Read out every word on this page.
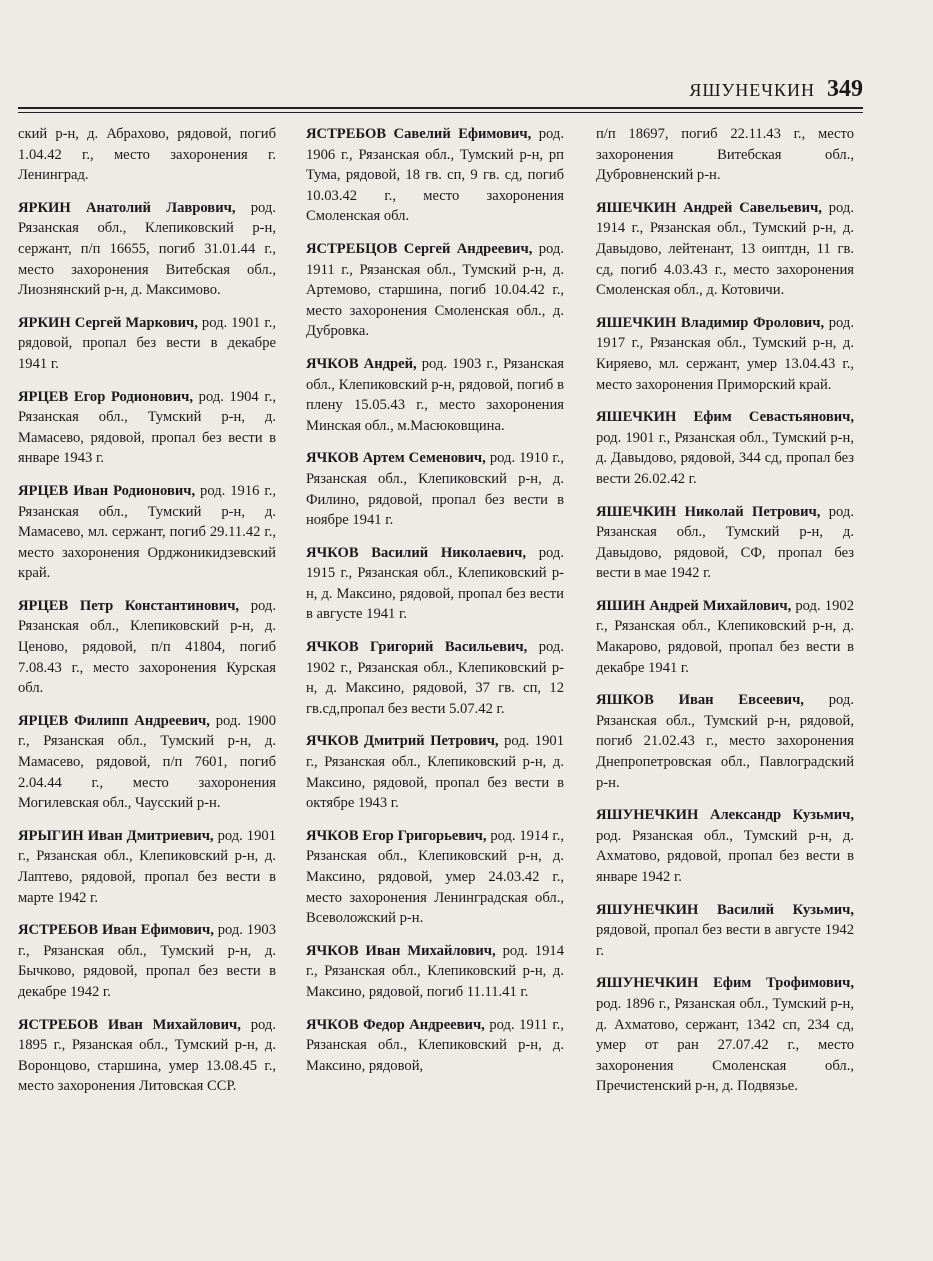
ЯШУНЕЧКИН 349

ский р-н, д. Абрахово, рядовой, погиб 1.04.42 г., место захоронения г. Ленинград.

ЯРКИН Анатолий Лаврович, род. Рязанская обл., Клепиковский р-н, сержант, п/п 16655, погиб 31.01.44 г., место захоронения Витебская обл., Лиознянский р-н, д. Максимово.

ЯРКИН Сергей Маркович, род. 1901 г., рядовой, пропал без вести в декабре 1941 г.

ЯРЦЕВ Егор Родионович, род. 1904 г., Рязанская обл., Тумский р-н, д. Мамасево, рядовой, пропал без вести в январе 1943 г.

ЯРЦЕВ Иван Родионович, род. 1916 г., Рязанская обл., Тумский р-н, д. Мамасево, мл. сержант, погиб 29.11.42 г., место захоронения Орджоникидзевский край.

ЯРЦЕВ Петр Константинович, род. Рязанская обл., Клепиковский р-н, д. Ценово, рядовой, п/п 41804, погиб 7.08.43 г., место захоронения Курская обл.

ЯРЦЕВ Филипп Андреевич, род. 1900 г., Рязанская обл., Тумский р-н, д. Мамасево, рядовой, п/п 7601, погиб 2.04.44 г., место захоронения Могилевская обл., Чаусский р-н.

ЯРЫГИН Иван Дмитриевич, род. 1901 г., Рязанская обл., Клепиковский р-н, д. Лаптево, рядовой, пропал без вести в марте 1942 г.

ЯСТРЕБОВ Иван Ефимович, род. 1903 г., Рязанская обл., Тумский р-н, д. Бычково, рядовой, пропал без вести в декабре 1942 г.

ЯСТРЕБОВ Иван Михайлович, род. 1895 г., Рязанская обл., Тумский р-н, д. Воронцово, старшина, умер 13.08.45 г., место захоронения Литовская ССР.

ЯСТРЕБОВ Савелий Ефимович, род. 1906 г., Рязанская обл., Тумский р-н, рп Тума, рядовой, 18 гв. сп, 9 гв. сд, погиб 10.03.42 г., место захоронения Смоленская обл.

ЯСТРЕБЦОВ Сергей Андреевич, род. 1911 г., Рязанская обл., Тумский р-н, д. Артемово, старшина, погиб 10.04.42 г., место захоронения Смоленская обл., д. Дубровка.

ЯЧКОВ Андрей, род. 1903 г., Рязанская обл., Клепиковский р-н, рядовой, погиб в плену 15.05.43 г., место захоронения Минская обл., м.Масюковщина.

ЯЧКОВ Артем Семенович, род. 1910 г., Рязанская обл., Клепиковский р-н, д. Филино, рядовой, пропал без вести в ноябре 1941 г.

ЯЧКОВ Василий Николаевич, род. 1915 г., Рязанская обл., Клепиковский р-н, д. Максино, рядовой, пропал без вести в августе 1941 г.

ЯЧКОВ Григорий Васильевич, род. 1902 г., Рязанская обл., Клепиковский р-н, д. Максино, рядовой, 37 гв. сп, 12 гв.сд,пропал без вести 5.07.42 г.

ЯЧКОВ Дмитрий Петрович, род. 1901 г., Рязанская обл., Клепиковский р-н, д. Максино, рядовой, пропал без вести в октябре 1943 г.

ЯЧКОВ Егор Григорьевич, род. 1914 г., Рязанская обл., Клепиковский р-н, д. Максино, рядовой, умер 24.03.42 г., место захоронения Ленинградская обл., Всеволожский р-н.

ЯЧКОВ Иван Михайлович, род. 1914 г., Рязанская обл., Клепиковский р-н, д. Максино, рядовой, погиб 11.11.41 г.

ЯЧКОВ Федор Андреевич, род. 1911 г., Рязанская обл., Клепиковский р-н, д. Максино, рядовой,

п/п 18697, погиб 22.11.43 г., место захоронения Витебская обл., Дубровненский р-н.

ЯШЕЧКИН Андрей Савельевич, род. 1914 г., Рязанская обл., Тумский р-н, д. Давыдово, лейтенант, 13 оиптдн, 11 гв. сд, погиб 4.03.43 г., место захоронения Смоленская обл., д. Котовичи.

ЯШЕЧКИН Владимир Фролович, род. 1917 г., Рязанская обл., Тумский р-н, д. Киряево, мл. сержант, умер 13.04.43 г., место захоронения Приморский край.

ЯШЕЧКИН Ефим Севастьянович, род. 1901 г., Рязанская обл., Тумский р-н, д. Давыдово, рядовой, 344 сд, пропал без вести 26.02.42 г.

ЯШЕЧКИН Николай Петрович, род. Рязанская обл., Тумский р-н, д. Давыдово, рядовой, СФ, пропал без вести в мае 1942 г.

ЯШИН Андрей Михайлович, род. 1902 г., Рязанская обл., Клепиковский р-н, д. Макарово, рядовой, пропал без вести в декабре 1941 г.

ЯШКОВ Иван Евсеевич, род. Рязанская обл., Тумский р-н, рядовой, погиб 21.02.43 г., место захоронения Днепропетровская обл., Павлоградский р-н.

ЯШУНЕЧКИН Александр Кузьмич, род. Рязанская обл., Тумский р-н, д. Ахматово, рядовой, пропал без вести в январе 1942 г.

ЯШУНЕЧКИН Василий Кузьмич, рядовой, пропал без вести в августе 1942 г.

ЯШУНЕЧКИН Ефим Трофимович, род. 1896 г., Рязанская обл., Тумский р-н, д. Ахматово, сержант, 1342 сп, 234 сд, умер от ран 27.07.42 г., место захоронения Смоленская обл., Пречистенский р-н, д. Подвязье.
